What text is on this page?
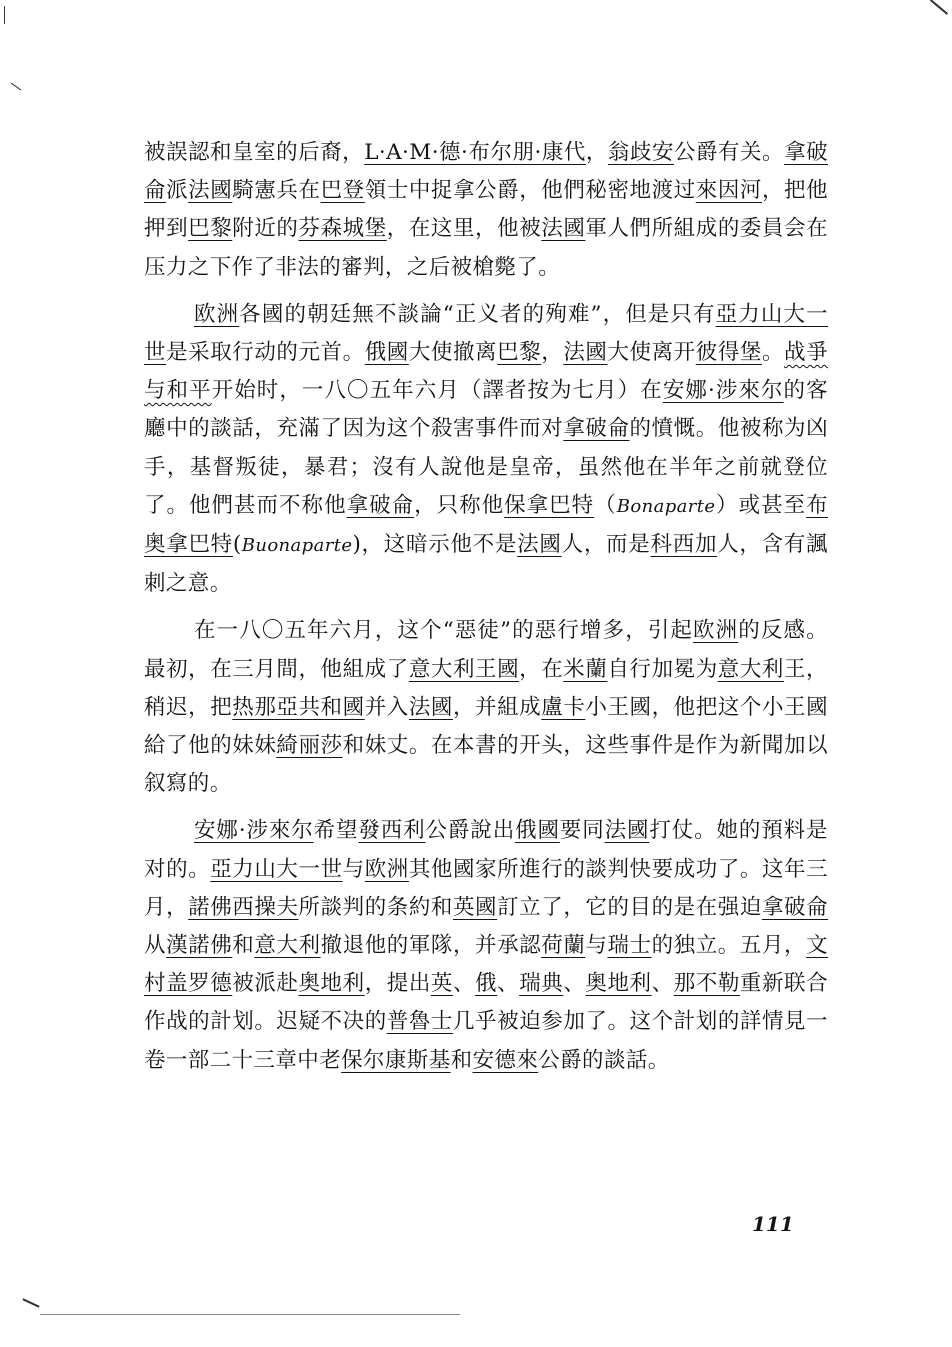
被誤認和皇室的后裔，L·A·M·德·布尔朋·康代，翁歧安公爵有关。拿破侖派法國騎憲兵在巴登領士中捉拿公爵，他們秘密地渡过來因河，把他押到巴黎附近的芬森城堡，在这里，他被法國軍人們所組成的委員会在压力之下作了非法的審判，之后被槍斃了。

欧洲各國的朝廷無不談論“正义者的殉难”，但是只有亞力山大一世是采取行动的元首。俄國大使撤离巴黎，法國大使离开彼得堡。战爭与和平开始时，一八〇五年六月（譯者按为七月）在安娜·涉來尔的客廳中的談話，充滿了因为这个殺害事件而对拿破侖的憤慨。他被称为凶手，基督叛徒，暴君；沒有人說他是皇帝，虽然他在半年之前就登位了。他們甚而不称他拿破侖，只称他保拿巴特（Bonaparte）或甚至布奥拿巴特(Buonaparte)，这暗示他不是法國人，而是科西加人，含有諷刺之意。

在一八〇五年六月，这个“惡徒”的惡行增多，引起欧洲的反感。最初，在三月間，他組成了意大利王國，在米蘭自行加冕为意大利王，稍迟，把热那亞共和國并入法國，并組成盧卡小王國，他把这个小王國給了他的妹妹綺丽莎和妹丈。在本書的开头，这些事件是作为新聞加以叙寫的。

安娜·涉來尔希望發西利公爵說出俄國要同法國打仗。她的預料是对的。亞力山大一世与欧洲其他國家所進行的談判快要成功了。这年三月，諾佛西操夫所談判的条約和英國訂立了，它的目的是在强迫拿破侖从漢諾佛和意大利撤退他的軍隊，并承認荷蘭与瑞士的独立。五月，文村盖罗德被派赴奥地利，提出英、俄、瑞典、奥地利、那不勒重新联合作战的計划。迟疑不决的普魯士几乎被迫参加了。这个計划的詳情見一卷一部二十三章中老保尔康斯基和安德來公爵的談話。

111
